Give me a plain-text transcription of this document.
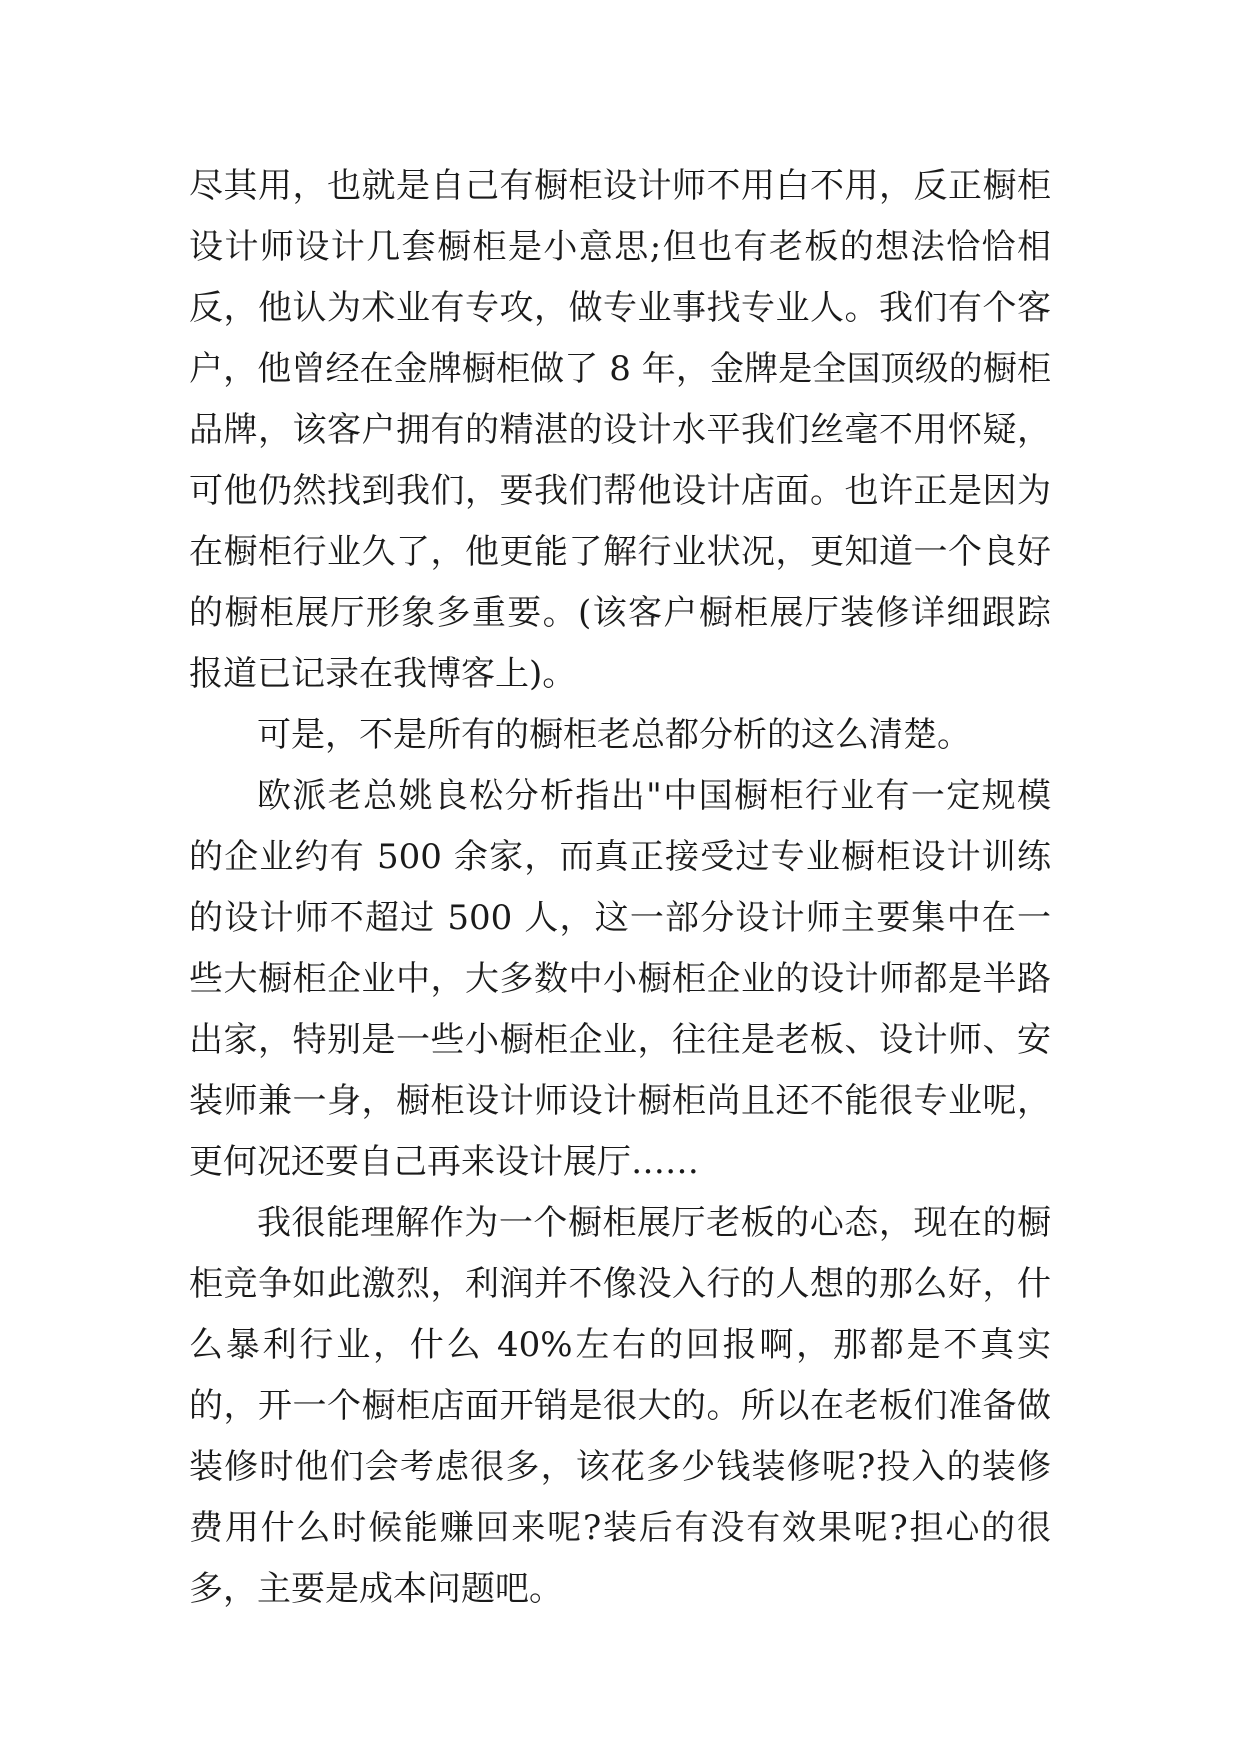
尽其用，也就是自己有橱柜设计师不用白不用，反正橱柜设计师设计几套橱柜是小意思;但也有老板的想法恰恰相反，他认为术业有专攻，做专业事找专业人。我们有个客户，他曾经在金牌橱柜做了 8 年，金牌是全国顶级的橱柜品牌，该客户拥有的精湛的设计水平我们丝毫不用怀疑，可他仍然找到我们，要我们帮他设计店面。也许正是因为在橱柜行业久了，他更能了解行业状况，更知道一个良好的橱柜展厅形象多重要。(该客户橱柜展厅装修详细跟踪报道已记录在我博客上)。

可是，不是所有的橱柜老总都分析的这么清楚。

欧派老总姚良松分析指出"中国橱柜行业有一定规模的企业约有 500 余家，而真正接受过专业橱柜设计训练的设计师不超过 500 人，这一部分设计师主要集中在一些大橱柜企业中，大多数中小橱柜企业的设计师都是半路出家，特别是一些小橱柜企业，往往是老板、设计师、安装师兼一身，橱柜设计师设计橱柜尚且还不能很专业呢，更何况还要自己再来设计展厅……

我很能理解作为一个橱柜展厅老板的心态，现在的橱柜竞争如此激烈，利润并不像没入行的人想的那么好，什么暴利行业，什么 40%左右的回报啊，那都是不真实的，开一个橱柜店面开销是很大的。所以在老板们准备做装修时他们会考虑很多，该花多少钱装修呢?投入的装修费用什么时候能赚回来呢?装后有没有效果呢?担心的很多，主要是成本问题吧。
